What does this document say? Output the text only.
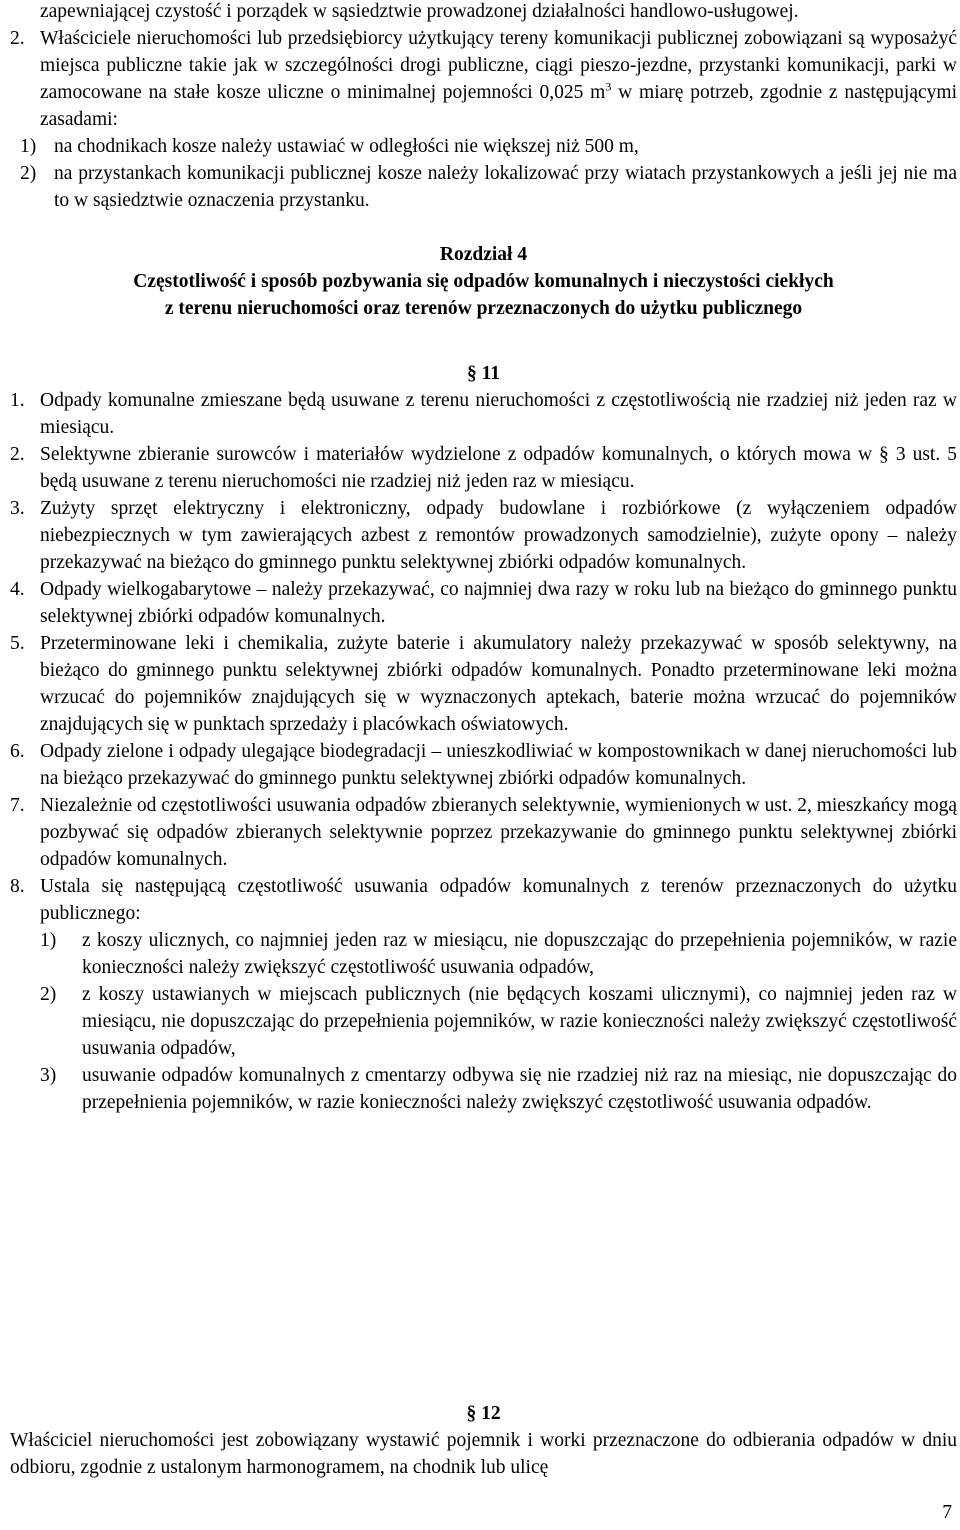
zapewniającej czystość i porządek w sąsiedztwie prowadzonej działalności handlowo-usługowej.

2. Właściciele nieruchomości lub przedsiębiorcy użytkujący tereny komunikacji publicznej zobowiązani są wyposażyć miejsca publiczne takie jak w szczególności drogi publiczne, ciągi pieszo-jezdne, przystanki komunikacji, parki w zamocowane na stałe kosze uliczne o minimalnej pojemności 0,025 $m^3$ w miarę potrzeb, zgodnie z następującymi zasadami:

1) na chodnikach kosze należy ustawiać w odległości nie większej niż 500 m,

2) na przystankach komunikacji publicznej kosze należy lokalizować przy wiatach przystankowych a jeśli jej nie ma to w sąsiedztwie oznaczenia przystanku.

Rozdział 4

Częstotliwość i sposób pozbywania się odpadów komunalnych i nieczystości ciekłych

z terenu nieruchomości oraz terenów przeznaczonych do użytku publicznego

§ 11

1. Odpady komunalne zmieszane będą usuwane z terenu nieruchomości z częstotliwością nie rzadziej niż jeden raz w miesiącu.

2. Selektywne zbieranie surowców i materiałów wydzielone z odpadów komunalnych, o których mowa w § 3 ust. 5 będą usuwane z terenu nieruchomości nie rzadziej niż jeden raz w miesiącu.

3. Zużyty sprzęt elektryczny i elektroniczny, odpady budowlane i rozbiórkowe (z wyłączeniem odpadów niebezpiecznych w tym zawierających azbest z remontów prowadzonych samodzielnie), zużyte opony – należy przekazywać na bieżąco do gminnego punktu selektywnej zbiórki odpadów komunalnych.

4. Odpady wielkogabarytowe – należy przekazywać, co najmniej dwa razy w roku lub na bieżąco do gminnego punktu selektywnej zbiórki odpadów komunalnych.

5. Przeterminowane leki i chemikalia, zużyte baterie i akumulatory należy przekazywać w sposób selektywny, na bieżąco do gminnego punktu selektywnej zbiórki odpadów komunalnych. Ponadto przeterminowane leki można wrzucać do pojemników znajdujących się w wyznaczonych aptekach, baterie można wrzucać do pojemników znajdujących się w punktach sprzedaży i placówkach oświatowych.

6. Odpady zielone i odpady ulegające biodegradacji – unieszkodliwiać w kompostownikach w danej nieruchomości lub na bieżąco przekazywać do gminnego punktu selektywnej zbiórki odpadów komunalnych.

7. Niezależnie od częstotliwości usuwania odpadów zbieranych selektywnie, wymienionych w ust. 2, mieszkańcy mogą pozbywać się odpadów zbieranych selektywnie poprzez przekazywanie do gminnego punktu selektywnej zbiórki odpadów komunalnych.

8. Ustala się następującą częstotliwość usuwania odpadów komunalnych z terenów przeznaczonych do użytku publicznego:

1) z koszy ulicznych, co najmniej jeden raz w miesiącu, nie dopuszczając do przepełnienia pojemników, w razie konieczności należy zwiększyć częstotliwość usuwania odpadów,

2) z koszy ustawianych w miejscach publicznych (nie będących koszami ulicznymi), co najmniej jeden raz w miesiącu, nie dopuszczając do przepełnienia pojemników, w razie konieczności należy zwiększyć częstotliwość usuwania odpadów,

3) usuwanie odpadów komunalnych z cmentarzy odbywa się nie rzadziej niż raz na miesiąc, nie dopuszczając do przepełnienia pojemników, w razie konieczności należy zwiększyć częstotliwość usuwania odpadów.

§ 12

Właściciel nieruchomości jest zobowiązany wystawić pojemnik i worki przeznaczone do odbierania odpadów w dniu odbioru, zgodnie z ustalonym harmonogramem, na chodnik lub ulicę

7
